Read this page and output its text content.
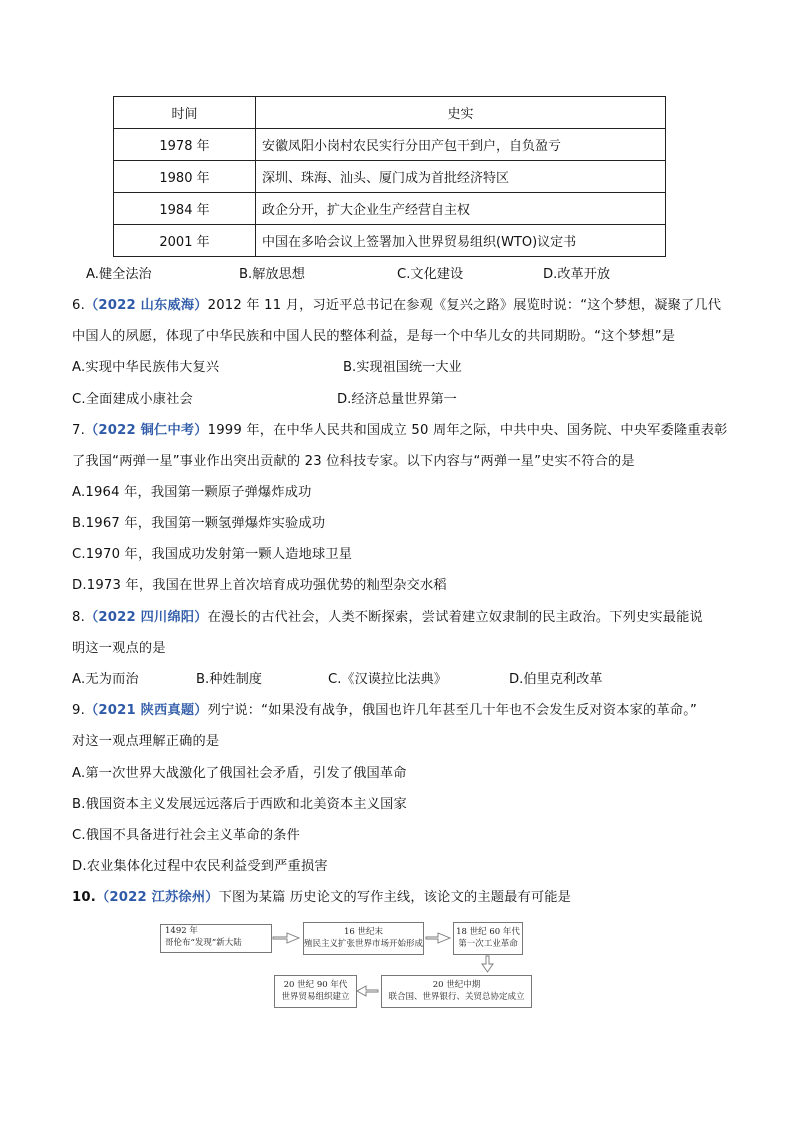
时间	史实
1978 年	安徽凤阳小岗村农民实行分田产包干到户，自负盈亏
1980 年	深圳、珠海、汕头、厦门成为首批经济特区
1984 年	政企分开，扩大企业生产经营自主权
2001 年	中国在多哈会议上签署加入世界贸易组织(WTO)议定书
A.健全法治	B.解放思想	C.文化建设	D.改革开放
6.（2022 山东威海）2012 年 11 月，习近平总书记在参观《复兴之路》展览时说：“这个梦想，凝聚了几代
中国人的夙愿，体现了中华民族和中国人民的整体利益，是每一个中华儿女的共同期盼。“这个梦想”是
A.实现中华民族伟大复兴	B.实现祖国统一大业
C.全面建成小康社会	D.经济总量世界第一
7.（2022 铜仁中考）1999 年，在中华人民共和国成立 50 周年之际，中共中央、国务院、中央军委隆重表彰
了我国“两弹一星”事业作出突出贡献的 23 位科技专家。以下内容与“两弹一星”史实不符合的是
A.1964 年，我国第一颗原子弹爆炸成功
B.1967 年，我国第一颗氢弹爆炸实验成功
C.1970 年，我国成功发射第一颗人造地球卫星
D.1973 年，我国在世界上首次培育成功强优势的籼型杂交水稻
8.（2022 四川绵阳）在漫长的古代社会，人类不断探索，尝试着建立奴隶制的民主政治。下列史实最能说
明这一观点的是
A.无为而治	B.种姓制度	C.《汉谟拉比法典》	D.伯里克利改革
9.（2021 陕西真题）列宁说：“如果没有战争，俄国也许几年甚至几十年也不会发生反对资本家的革命。”
对这一观点理解正确的是
A.第一次世界大战激化了俄国社会矛盾，引发了俄国革命
B.俄国资本主义发展远远落后于西欧和北美资本主义国家
C.俄国不具备进行社会主义革命的条件
D.农业集体化过程中农民利益受到严重损害
10.（2022 江苏徐州）下图为某篇 历史论文的写作主线，该论文的主题最有可能是
1492 年
哥伦布“发现”新大陆
16 世纪末
殖民主义扩张世界市场开始形成
18 世纪 60 年代
第一次工业革命
20 世纪中期
联合国、世界银行、关贸总协定成立
20 世纪 90 年代
世界贸易组织建立
